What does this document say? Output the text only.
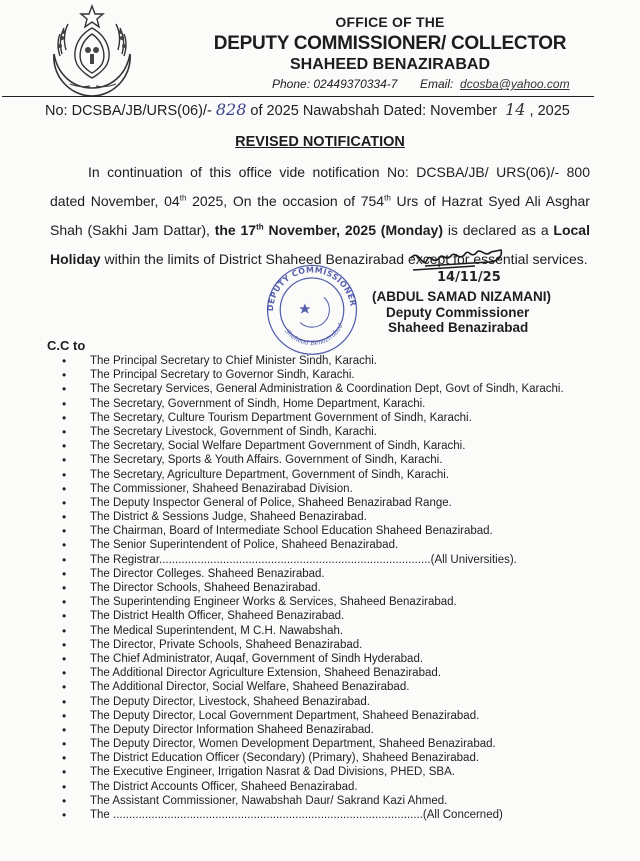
OFFICE OF THE
DEPUTY COMMISSIONER/ COLLECTOR
SHAHEED BENAZIRABAD
Phone: 02449370334-7 Email: dcosba@yahoo.com
No: DCSBA/JB/URS(06)/- 828 of 2025 Nawabshah Dated: November 14 , 2025
REVISED NOTIFICATION
In continuation of this office vide notification No: DCSBA/JB/ URS(06)/- 800 dated November, 04th 2025, On the occasion of 754th Urs of Hazrat Syed Ali Asghar Shah (Sakhi Jam Dattar), the 17th November, 2025 (Monday) is declared as a Local Holiday within the limits of District Shaheed Benazirabad except for essential services.
DEPUTY COMMISSIONER
Shaheed Benazirabad
14/11/25
(ABDUL SAMAD NIZAMANI)
Deputy Commissioner
Shaheed Benazirabad
C.C to
• The Principal Secretary to Chief Minister Sindh, Karachi.
• The Principal Secretary to Governor Sindh, Karachi.
• The Secretary Services, General Administration & Coordination Dept, Govt of Sindh, Karachi.
• The Secretary, Government of Sindh, Home Department, Karachi.
• The Secretary, Culture Tourism Department Government of Sindh, Karachi.
• The Secretary Livestock, Government of Sindh, Karachi.
• The Secretary, Social Welfare Department Government of Sindh, Karachi.
• The Secretary, Sports & Youth Affairs. Government of Sindh, Karachi.
• The Secretary, Agriculture Department, Government of Sindh, Karachi.
• The Commissioner, Shaheed Benazirabad Division.
• The Deputy Inspector General of Police, Shaheed Benazirabad Range.
• The District & Sessions Judge, Shaheed Benazirabad.
• The Chairman, Board of Intermediate School Education Shaheed Benazirabad.
• The Senior Superintendent of Police, Shaheed Benazirabad.
• The Registrar.....................................................................................(All Universities).
• The Director Colleges. Shaheed Benazirabad.
• The Director Schools, Shaheed Benazirabad.
• The Superintending Engineer Works & Services, Shaheed Benazirabad.
• The District Health Officer, Shaheed Benazirabad.
• The Medical Superintendent, M C.H. Nawabshah.
• The Director, Private Schools, Shaheed Benazirabad.
• The Chief Administrator, Auqaf, Government of Sindh Hyderabad.
• The Additional Director Agriculture Extension, Shaheed Benazirabad.
• The Additional Director, Social Welfare, Shaheed Benazirabad.
• The Deputy Director, Livestock, Shaheed Benazirabad.
• The Deputy Director, Local Government Department, Shaheed Benazirabad.
• The Deputy Director Information Shaheed Benazirabad.
• The Deputy Director, Women Development Department, Shaheed Benazirabad.
• The District Education Officer (Secondary) (Primary), Shaheed Benazirabad.
• The Executive Engineer, Irrigation Nasrat & Dad Divisions, PHED, SBA.
• The District Accounts Officer, Shaheed Benazirabad.
• The Assistant Commissioner, Nawabshah Daur/ Sakrand Kazi Ahmed.
• The .................................................................................................(All Concerned)
